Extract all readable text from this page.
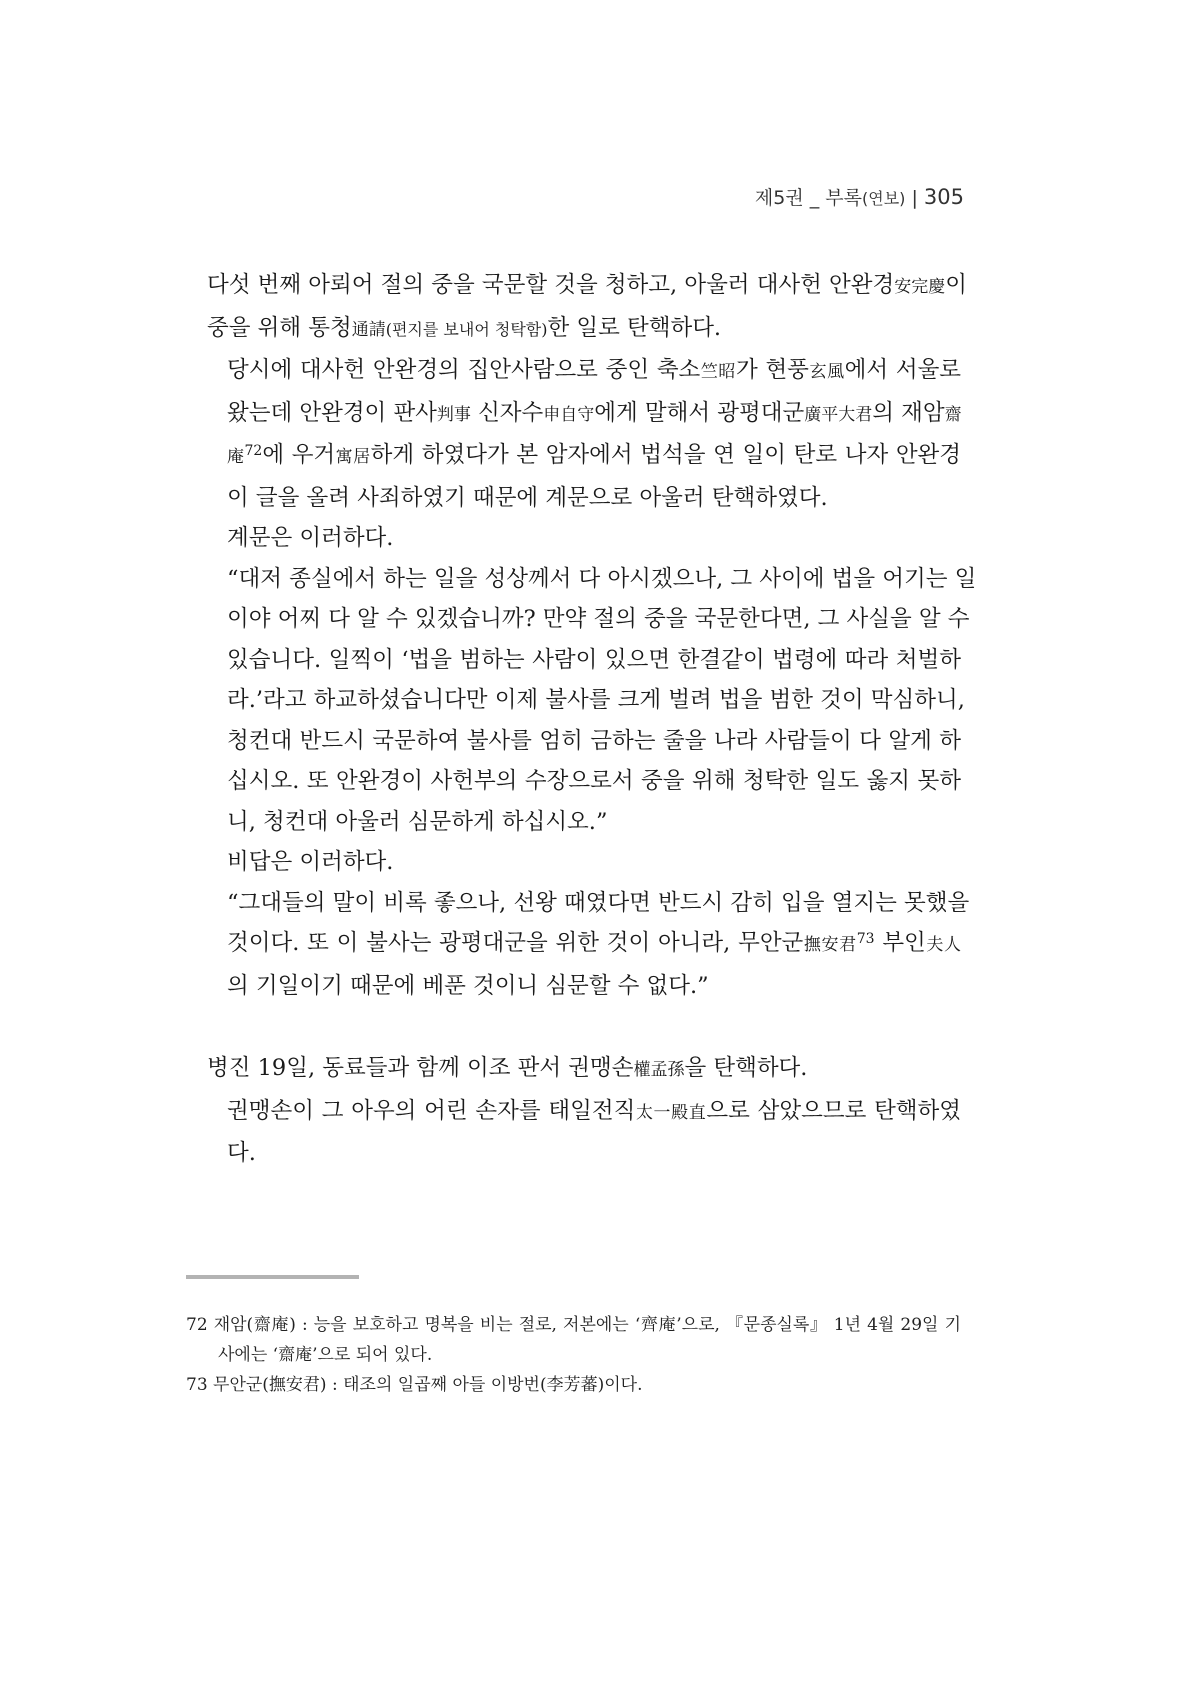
제5권 _ 부록(연보) | 305
다섯 번째 아뢰어 절의 중을 국문할 것을 청하고, 아울러 대사헌 안완경安完慶이
중을 위해 통청通請(편지를 보내어 청탁함)한 일로 탄핵하다.
당시에 대사헌 안완경의 집안사람으로 중인 축소竺昭가 현풍玄風에서 서울로
왔는데 안완경이 판사判事 신자수申自守에게 말해서 광평대군廣平大君의 재암齋
庵$^{72}$에 우거寓居하게 하였다가 본 암자에서 법석을 연 일이 탄로 나자 안완경
이 글을 올려 사죄하였기 때문에 계문으로 아울러 탄핵하였다.
계문은 이러하다.
“대저 종실에서 하는 일을 성상께서 다 아시겠으나, 그 사이에 법을 어기는 일
이야 어찌 다 알 수 있겠습니까? 만약 절의 중을 국문한다면, 그 사실을 알 수
있습니다. 일찍이 ‘법을 범하는 사람이 있으면 한결같이 법령에 따라 처벌하
라.’라고 하교하셨습니다만 이제 불사를 크게 벌려 법을 범한 것이 막심하니,
청컨대 반드시 국문하여 불사를 엄히 금하는 줄을 나라 사람들이 다 알게 하
십시오. 또 안완경이 사헌부의 수장으로서 중을 위해 청탁한 일도 옳지 못하
니, 청컨대 아울러 심문하게 하십시오.”
비답은 이러하다.
“그대들의 말이 비록 좋으나, 선왕 때였다면 반드시 감히 입을 열지는 못했을
것이다. 또 이 불사는 광평대군을 위한 것이 아니라, 무안군撫安君$^{73}$ 부인夫人
의 기일이기 때문에 베푼 것이니 심문할 수 없다.”
병진 19일, 동료들과 함께 이조 판서 권맹손權孟孫을 탄핵하다.
권맹손이 그 아우의 어린 손자를 태일전직太一殿直으로 삼았으므로 탄핵하였
다.
72 재암(齋庵) : 능을 보호하고 명복을 비는 절로, 저본에는 ‘齊庵’으로, 『문종실록』 1년 4월 29일 기
사에는 ‘齋庵’으로 되어 있다.
73 무안군(撫安君) : 태조의 일곱째 아들 이방번(李芳蕃)이다.
